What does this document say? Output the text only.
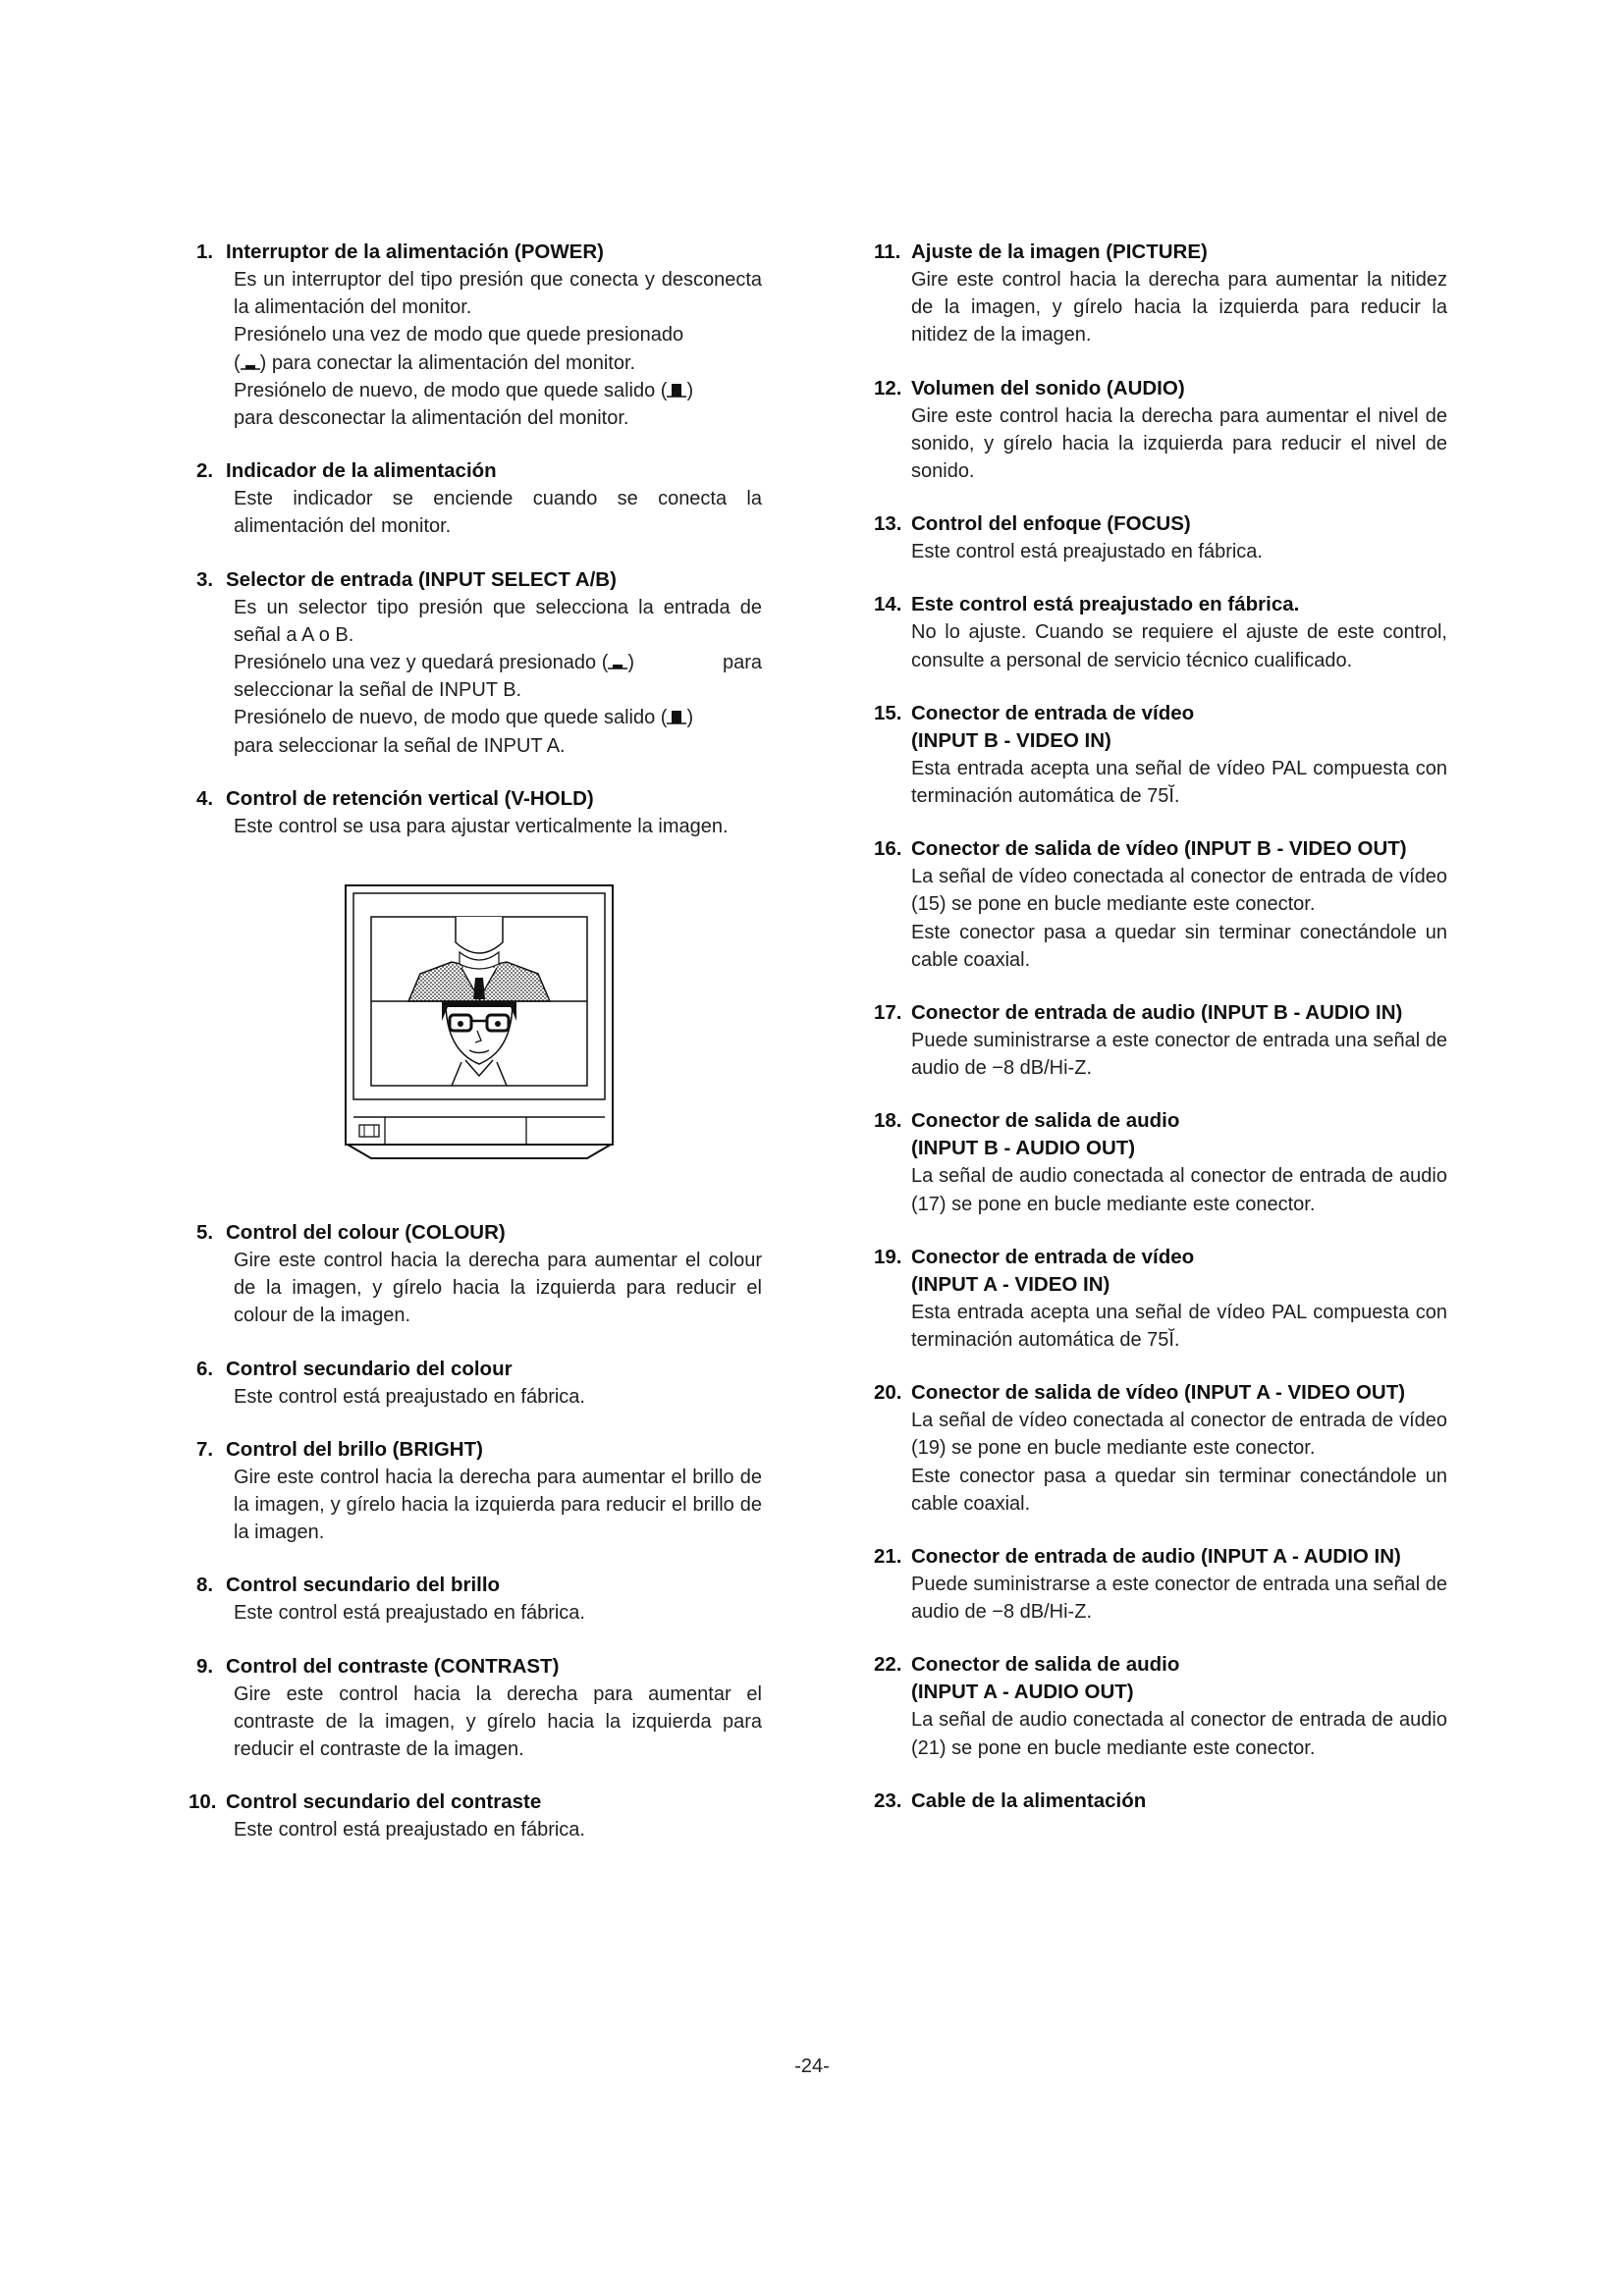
1. Interruptor de la alimentación (POWER)
Es un interruptor del tipo presión que conecta y desconecta la alimentación del monitor.
Presiónelo una vez de modo que quede presionado
( ) para conectar la alimentación del monitor.
Presiónelo de nuevo, de modo que quede salido ( )
para desconectar la alimentación del monitor.
2. Indicador de la alimentación
Este indicador se enciende cuando se conecta la alimentación del monitor.
3. Selector de entrada (INPUT SELECT A/B)
Es un selector tipo presión que selecciona la entrada de señal a A o B.
Presiónelo una vez y quedará presionado ( )	para
seleccionar la señal de INPUT B.
Presiónelo de nuevo, de modo que quede salido ( )
para seleccionar la señal de INPUT A.
4. Control de retención vertical (V-HOLD)
Este control se usa para ajustar verticalmente la imagen.
5. Control del colour (COLOUR)
Gire este control hacia la derecha para aumentar el colour de la imagen, y gírelo hacia la izquierda para reducir el colour de la imagen.
6. Control secundario del colour
Este control está preajustado en fábrica.
7. Control del brillo (BRIGHT)
Gire este control hacia la derecha para aumentar el brillo de la imagen, y gírelo hacia la izquierda para reducir el brillo de la imagen.
8. Control secundario del brillo
Este control está preajustado en fábrica.
9. Control del contraste (CONTRAST)
Gire este control hacia la derecha para aumentar el contraste de la imagen, y gírelo hacia la izquierda para reducir el contraste de la imagen.
10. Control secundario del contraste
Este control está preajustado en fábrica.
11. Ajuste de la imagen (PICTURE)
Gire este control hacia la derecha para aumentar la nitidez de la imagen, y gírelo hacia la izquierda para reducir la nitidez de la imagen.
12. Volumen del sonido (AUDIO)
Gire este control hacia la derecha para aumentar el nivel de sonido, y gírelo hacia la izquierda para reducir el nivel de sonido.
13. Control del enfoque (FOCUS)
Este control está preajustado en fábrica.
14. Este control está preajustado en fábrica.
No lo ajuste. Cuando se requiere el ajuste de este control, consulte a personal de servicio técnico cualificado.
15. Conector de entrada de vídeo
(INPUT B - VIDEO IN)
Esta entrada acepta una señal de vídeo PAL compuesta con terminación automática de 75Ĭ.
16. Conector de salida de vídeo (INPUT B - VIDEO OUT)
La señal de vídeo conectada al conector de entrada de vídeo (15) se pone en bucle mediante este conector.
Este conector pasa a quedar sin terminar conectándole un cable coaxial.
17. Conector de entrada de audio (INPUT B - AUDIO IN)
Puede suministrarse a este conector de entrada una señal de audio de −8 dB/Hi-Z.
18. Conector de salida de audio
(INPUT B - AUDIO OUT)
La señal de audio conectada al conector de entrada de audio (17) se pone en bucle mediante este conector.
19. Conector de entrada de vídeo
(INPUT A - VIDEO IN)
Esta entrada acepta una señal de vídeo PAL compuesta con terminación automática de 75Ĭ.
20. Conector de salida de vídeo (INPUT A - VIDEO OUT)
La señal de vídeo conectada al conector de entrada de vídeo (19) se pone en bucle mediante este conector.
Este conector pasa a quedar sin terminar conectándole un cable coaxial.
21. Conector de entrada de audio (INPUT A - AUDIO IN)
Puede suministrarse a este conector de entrada una señal de audio de −8 dB/Hi-Z.
22. Conector de salida de audio
(INPUT A - AUDIO OUT)
La señal de audio conectada al conector de entrada de audio (21) se pone en bucle mediante este conector.
23. Cable de la alimentación
-24-
